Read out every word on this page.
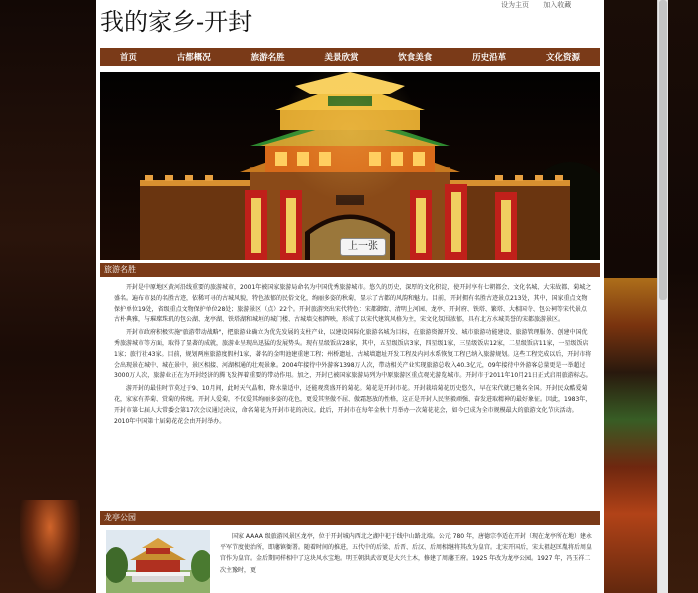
我的家乡-开封
设为主页 加入收藏
首页	古都概况	旅游名胜	美景欣赏	饮食美食	历史沿革	文化资源
上一张
旅游名胜

开封是中原地区黄河沿线重要的旅游城市，2001年被国家旅游局命名为中国优秀旅游城市。悠久的历史，深厚的文化积淀，使开封享有七朝都会、文化名城、大宋故都、菊城之盛名。遍布市县的名胜古迹，依稀可寻的古城风貌，特色浓郁的民俗文化，绚丽多姿的秋菊，显示了古都的风韵和魅力。目前，开封拥有名胜古迹景点213处，其中，国家重点文物保护单位19处，省级重点文物保护单位28处；旅游景区（点）22个。开封旅游突出宋代特色：宋都御街、清明上河园、龙亭、开封府、铁塔、繁塔、大相国寺、包公祠等宋代景点古朴典雅，与璀璨珠玑的包公湖、龙亭湖、铁塔湖和城垣的城门楼、古城墙交相辉映，形成了以宋代建筑风格为主，宋文化氛围浓郁，具有北方水城美誉的宋都旅游景区。

开封市政府积极实施"旅游带动战略"，把旅游业确立为优先发展的支柱产业，以建设国际化旅游名城为目标，在旅游资源开发、城市旅游功能建设、旅游管理服务、创建中国优秀旅游城市等方面，取得了显著的成就，旅游业呈现出迅猛的发展势头。现有星级饭店28家，其中，五星级饭店3家，四星级1家，三星级饭店12家，二星级饭店11家，一星级饭店1家；旅行社43家。目前，规划两座旅游度假村1家，著名的金明池建重建工程；州桥遗址、古城墙遗址开发工程及内河水系恢复工程已纳入旅游规划。这些工程完成以后，开封市将会出现景在城中、城在景中，景区相接、河湖相通的壮观景象。2004年接待中外游客1398万人次，带动相关产业实现旅游总收入40.3亿元，09年接待中外游客总量更是一举超过3000万人次，旅游业正在为开封经济的腾飞发挥着重要的带动作用。加之，开封已被国家旅游局列为中原旅游区重点观光游览城市。开封市于2011年10月21日正式启用旅游标志。

游开封的最佳时节莫过于9、10月间，此时天气晶和，降水量适中，还能观赏盛开的菊花。菊花是开封市花。开封栽培菊花历史悠久，早在宋代就已驰名全国。开封民众酷爱菊花，家家有养菊、赏菊的传统。开封人爱菊，不仅爱其绚丽多姿的花色，更爱其坚傲不屈、傲霜怒放的性格，这正是开封人民坚毅顽强、奋发进取精神的最好象征。因此，1983年，开封市第七届人大常委会第17次会议通过决议，命名菊花为开封市花的决议。此后，开封市在每年金秋十月举办一次菊花花会，如今已成为全市规模最大的旅游文化节庆活动。2010年中国第十届菊花花会由开封举办。

龙亭公园

国家 AAAA 级旅游风景区龙亭，位于开封城内西北之湖中祀于线中山路北端。公元 780 年，唐德宗李适在开封（现在龙亭所在地）建永平军节度使治所，即藩镇衙署。随着时间的推进，五代中的后梁、后晋、后汉、后周相继将其改为皇宫。北宋开国后，宋太祖赵匡胤将后周皇宫作为皇宫。金后期同样相中了这块风水宝地。明王朝洪武帝更是大兴土木，修建了周藩王府。1925 年改为龙亭公园。1927 年，冯玉祥二次主豫时，更
